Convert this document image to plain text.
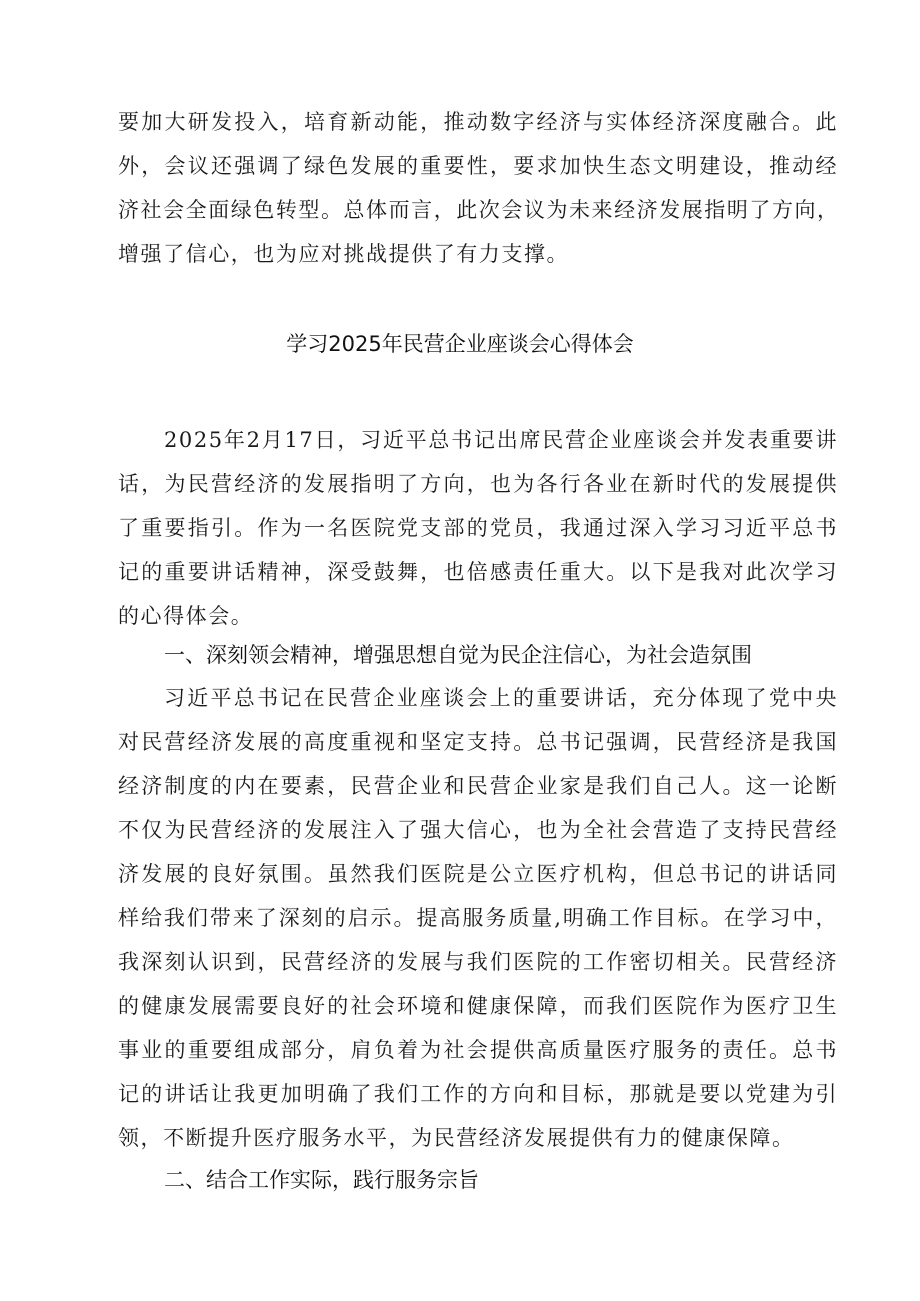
要加大研发投入，培育新动能，推动数字经济与实体经济深度融合。此
外，会议还强调了绿色发展的重要性，要求加快生态文明建设，推动经
济社会全面绿色转型。总体而言，此次会议为未来经济发展指明了方向，
增强了信心，也为应对挑战提供了有力支撑。
学习2025年民营企业座谈会心得体会
2025年2月17日，习近平总书记出席民营企业座谈会并发表重要讲
话，为民营经济的发展指明了方向，也为各行各业在新时代的发展提供
了重要指引。作为一名医院党支部的党员，我通过深入学习习近平总书
记的重要讲话精神，深受鼓舞，也倍感责任重大。以下是我对此次学习
的心得体会。
一、深刻领会精神，增强思想自觉为民企注信心，为社会造氛围
习近平总书记在民营企业座谈会上的重要讲话，充分体现了党中央
对民营经济发展的高度重视和坚定支持。总书记强调，民营经济是我国
经济制度的内在要素，民营企业和民营企业家是我们自己人。这一论断
不仅为民营经济的发展注入了强大信心，也为全社会营造了支持民营经
济发展的良好氛围。虽然我们医院是公立医疗机构，但总书记的讲话同
样给我们带来了深刻的启示。提高服务质量,明确工作目标。在学习中，
我深刻认识到，民营经济的发展与我们医院的工作密切相关。民营经济
的健康发展需要良好的社会环境和健康保障，而我们医院作为医疗卫生
事业的重要组成部分，肩负着为社会提供高质量医疗服务的责任。总书
记的讲话让我更加明确了我们工作的方向和目标，那就是要以党建为引
领，不断提升医疗服务水平，为民营经济发展提供有力的健康保障。
二、结合工作实际，践行服务宗旨
